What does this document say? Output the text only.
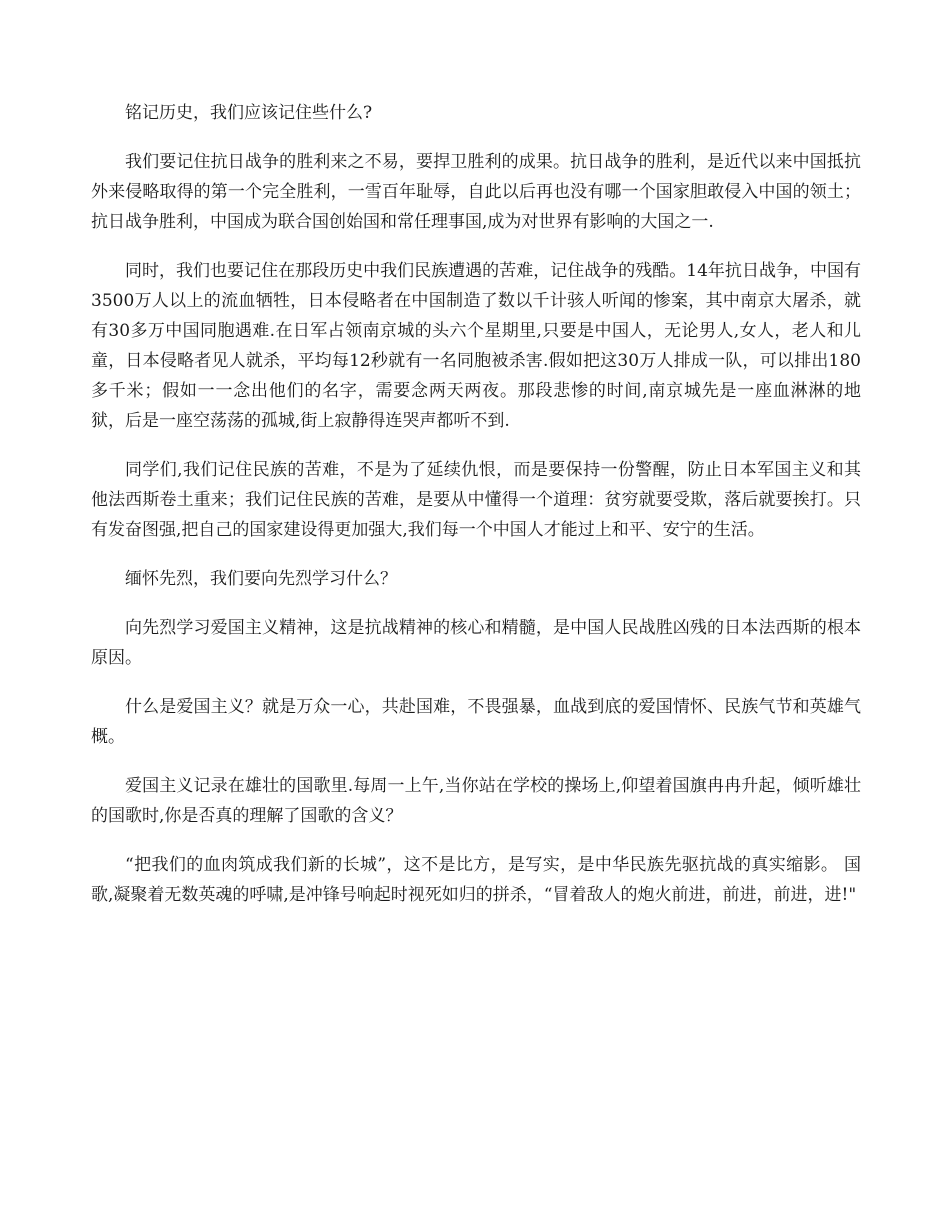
铭记历史，我们应该记住些什么?

我们要记住抗日战争的胜利来之不易，要捍卫胜利的成果。抗日战争的胜利，是近代以来中国抵抗外来侵略取得的第一个完全胜利，一雪百年耻辱，自此以后再也没有哪一个国家胆敢侵入中国的领土；抗日战争胜利，中国成为联合国创始国和常任理事国,成为对世界有影响的大国之一.

同时，我们也要记住在那段历史中我们民族遭遇的苦难，记住战争的残酷。14年抗日战争，中国有3500万人以上的流血牺牲，日本侵略者在中国制造了数以千计骇人听闻的惨案，其中南京大屠杀，就有30多万中国同胞遇难.在日军占领南京城的头六个星期里,只要是中国人，无论男人,女人，老人和儿童，日本侵略者见人就杀，平均每12秒就有一名同胞被杀害.假如把这30万人排成一队，可以排出180多千米；假如一一念出他们的名字，需要念两天两夜。那段悲惨的时间,南京城先是一座血淋淋的地狱，后是一座空荡荡的孤城,街上寂静得连哭声都听不到.

同学们,我们记住民族的苦难，不是为了延续仇恨，而是要保持一份警醒，防止日本军国主义和其他法西斯卷土重来；我们记住民族的苦难，是要从中懂得一个道理：贫穷就要受欺，落后就要挨打。只有发奋图强,把自己的国家建设得更加强大,我们每一个中国人才能过上和平、安宁的生活。

缅怀先烈，我们要向先烈学习什么？

向先烈学习爱国主义精神，这是抗战精神的核心和精髓，是中国人民战胜凶残的日本法西斯的根本原因。

什么是爱国主义？就是万众一心，共赴国难，不畏强暴，血战到底的爱国情怀、民族气节和英雄气概。

爱国主义记录在雄壮的国歌里.每周一上午,当你站在学校的操场上,仰望着国旗冉冉升起，倾听雄壮的国歌时,你是否真的理解了国歌的含义？

“把我们的血肉筑成我们新的长城”，这不是比方，是写实，是中华民族先驱抗战的真实缩影。 国歌,凝聚着无数英魂的呼啸,是冲锋号响起时视死如归的拼杀，“冒着敌人的炮火前进，前进，前进，进!"
